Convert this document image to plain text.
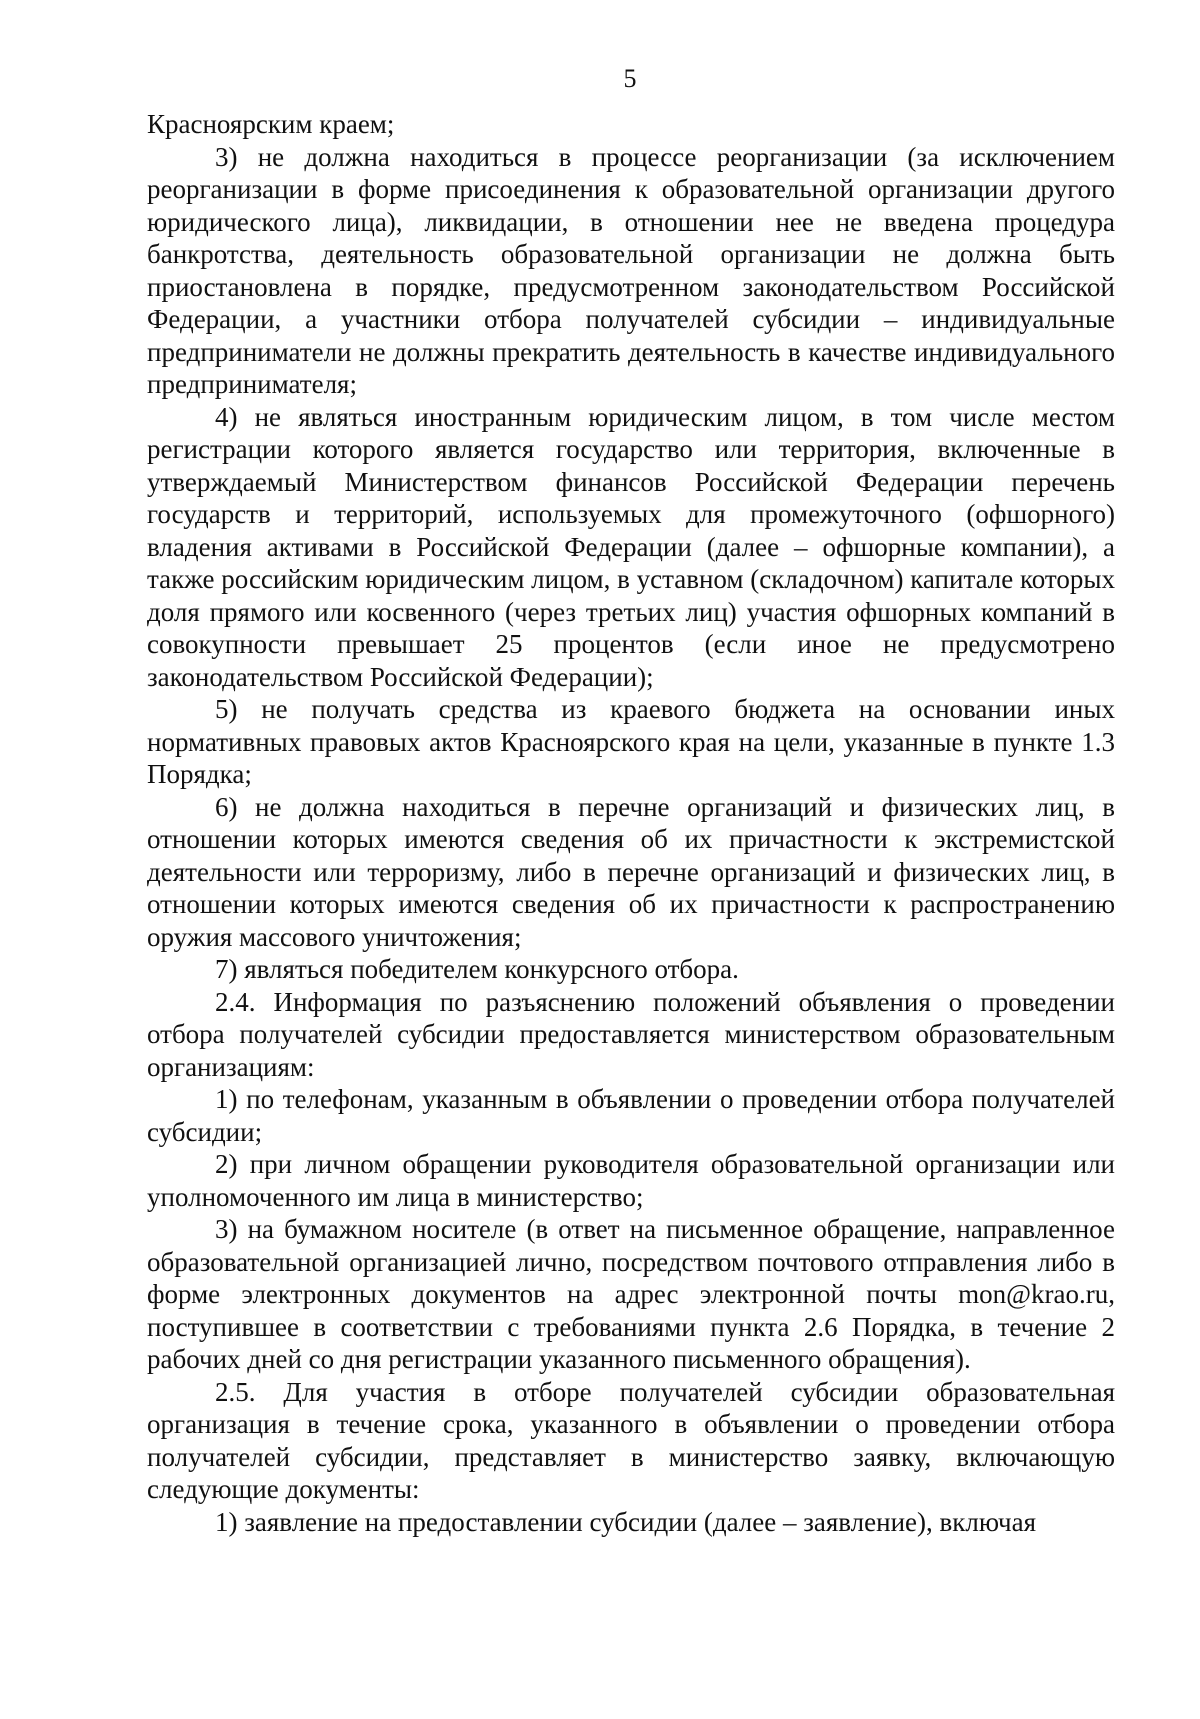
5

Красноярским краем;

3) не должна находиться в процессе реорганизации (за исключением реорганизации в форме присоединения к образовательной организации другого юридического лица), ликвидации, в отношении нее не введена процедура банкротства, деятельность образовательной организации не должна быть приостановлена в порядке, предусмотренном законодательством Российской Федерации, а участники отбора получателей субсидии – индивидуальные предприниматели не должны прекратить деятельность в качестве индивидуального предпринимателя;

4) не являться иностранным юридическим лицом, в том числе местом регистрации которого является государство или территория, включенные в утверждаемый Министерством финансов Российской Федерации перечень государств и территорий, используемых для промежуточного (офшорного) владения активами в Российской Федерации (далее – офшорные компании), а также российским юридическим лицом, в уставном (складочном) капитале которых доля прямого или косвенного (через третьих лиц) участия офшорных компаний в совокупности превышает 25 процентов (если иное не предусмотрено законодательством Российской Федерации);

5) не получать средства из краевого бюджета на основании иных нормативных правовых актов Красноярского края на цели, указанные в пункте 1.3 Порядка;

6) не должна находиться в перечне организаций и физических лиц, в отношении которых имеются сведения об их причастности к экстремистской деятельности или терроризму, либо в перечне организаций и физических лиц, в отношении которых имеются сведения об их причастности к распространению оружия массового уничтожения;

7) являться победителем конкурсного отбора.

2.4. Информация по разъяснению положений объявления о проведении отбора получателей субсидии предоставляется министерством образовательным организациям:

1) по телефонам, указанным в объявлении о проведении отбора получателей субсидии;

2) при личном обращении руководителя образовательной организации или уполномоченного им лица в министерство;

3) на бумажном носителе (в ответ на письменное обращение, направленное образовательной организацией лично, посредством почтового отправления либо в форме электронных документов на адрес электронной почты mon@krao.ru, поступившее в соответствии с требованиями пункта 2.6 Порядка, в течение 2 рабочих дней со дня регистрации указанного письменного обращения).

2.5. Для участия в отборе получателей субсидии образовательная организация в течение срока, указанного в объявлении о проведении отбора получателей субсидии, представляет в министерство заявку, включающую следующие документы:

1) заявление на предоставлении субсидии (далее – заявление), включая
